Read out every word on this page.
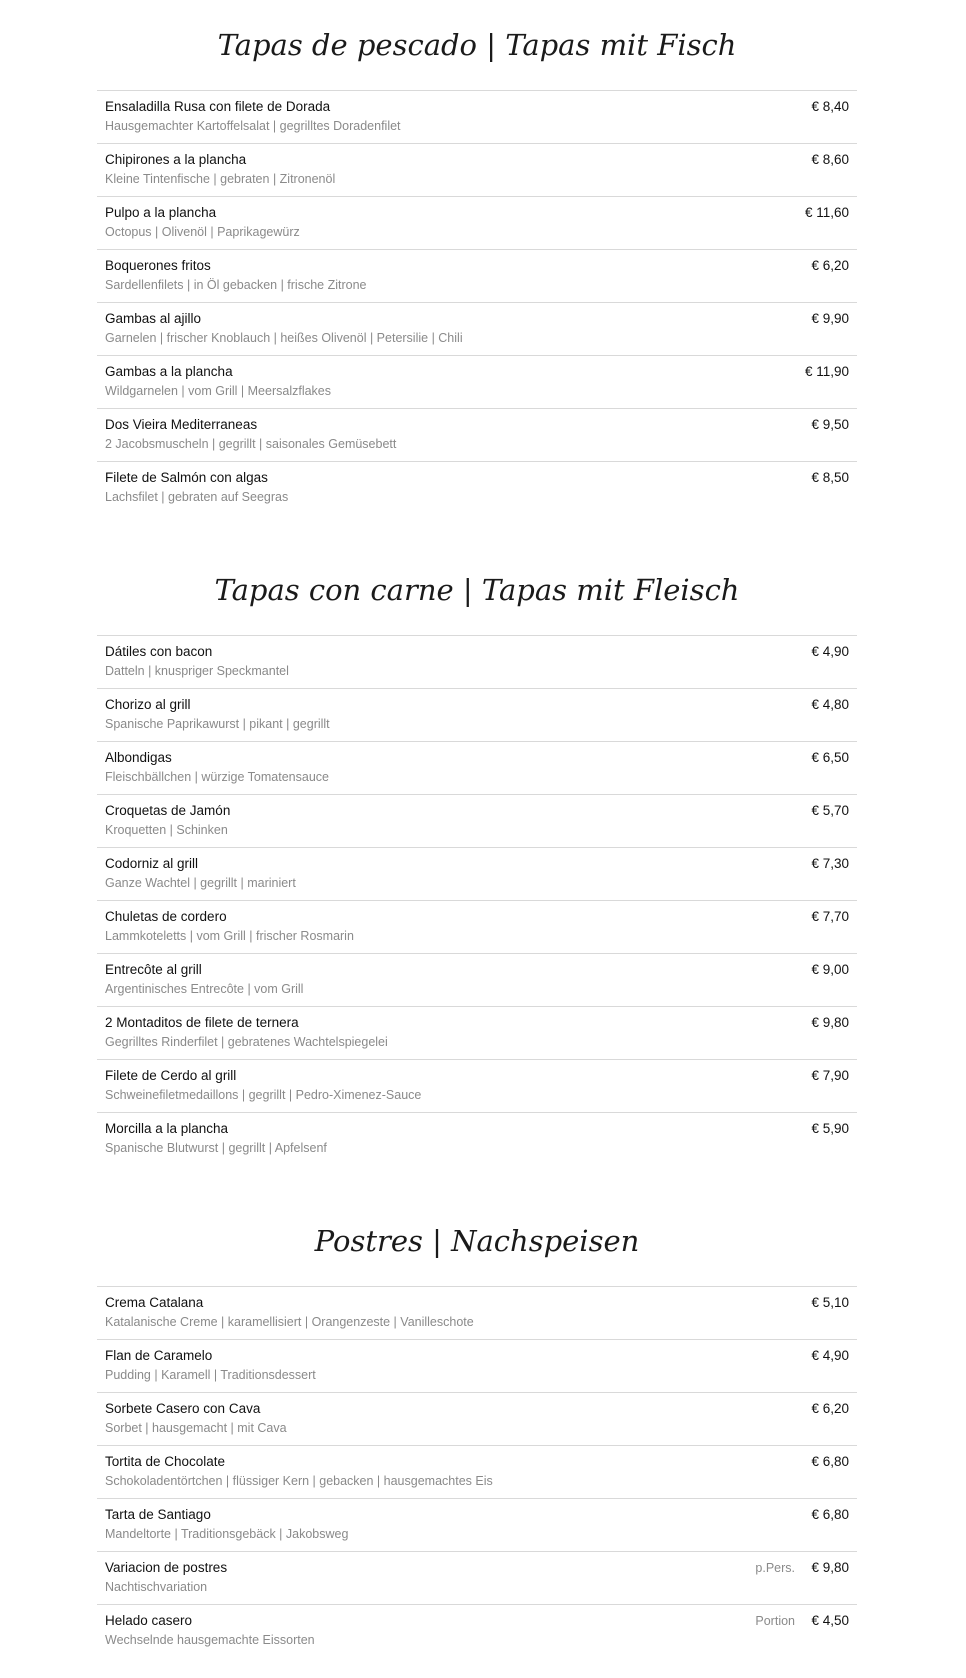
Tapas de pescado | Tapas mit Fisch
Ensaladilla Rusa con filete de Dorada
Hausgemachter Kartoffelsalat | gegrilltes Doradenfilet
€ 8,40
Chipirones a la plancha
Kleine Tintenfische | gebraten | Zitronenöl
€ 8,60
Pulpo a la plancha
Octopus | Olivenöl | Paprikagewürz
€ 11,60
Boquerones fritos
Sardellenfilets | in Öl gebacken | frische Zitrone
€ 6,20
Gambas al ajillo
Garnelen | frischer Knoblauch | heißes Olivenöl | Petersilie | Chili
€ 9,90
Gambas a la plancha
Wildgarnelen | vom Grill | Meersalzflakes
€ 11,90
Dos Vieira Mediterraneas
2 Jacobsmuscheln | gegrillt | saisonales Gemüsebett
€ 9,50
Filete de Salmón con algas
Lachsfilet | gebraten auf Seegras
€ 8,50
Tapas con carne | Tapas mit Fleisch
Dátiles con bacon
Datteln | knuspriger Speckmantel
€ 4,90
Chorizo al grill
Spanische Paprikawurst | pikant | gegrillt
€ 4,80
Albondigas
Fleischbällchen | würzige Tomatensauce
€ 6,50
Croquetas de Jamón
Kroquetten | Schinken
€ 5,70
Codorniz al grill
Ganze Wachtel | gegrillt | mariniert
€ 7,30
Chuletas de cordero
Lammkoteletts | vom Grill | frischer Rosmarin
€ 7,70
Entrecôte al grill
Argentinisches Entrecôte | vom Grill
€ 9,00
2 Montaditos de filete de ternera
Gegrilltes Rinderfilet | gebratenes Wachtelspiegelei
€ 9,80
Filete de Cerdo al grill
Schweinefiletmedaillons | gegrillt | Pedro-Ximenez-Sauce
€ 7,90
Morcilla a la plancha
Spanische Blutwurst | gegrillt | Apfelsenf
€ 5,90
Postres | Nachspeisen
Crema Catalana
Katalanische Creme | karamellisiert | Orangenzeste | Vanilleschote
€ 5,10
Flan de Caramelo
Pudding | Karamell | Traditionsdessert
€ 4,90
Sorbete Casero con Cava
Sorbet | hausgemacht | mit Cava
€ 6,20
Tortita de Chocolate
Schokoladentörtchen | flüssiger Kern | gebacken | hausgemachtes Eis
€ 6,80
Tarta de Santiago
Mandeltorte | Traditionsgebäck | Jakobsweg
€ 6,80
Variacion de postres
Nachtischvariation
p.Pers. € 9,80
Helado casero
Wechselnde hausgemachte Eissorten
Portion € 4,50
